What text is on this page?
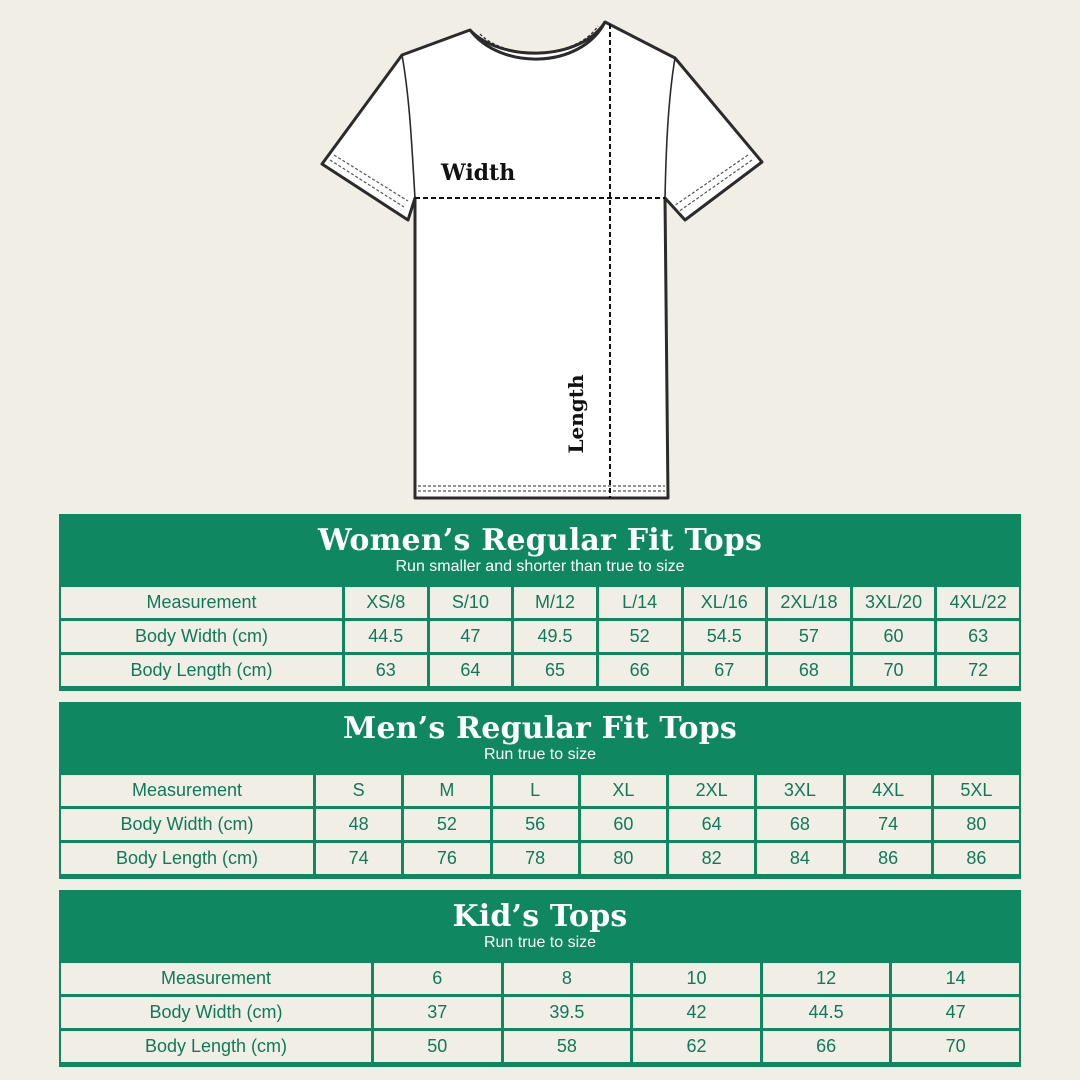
Width
Length
Women’s Regular Fit Tops
Run smaller and shorter than true to size
Measurement	XS/8	S/10	M/12	L/14	XL/16	2XL/18	3XL/20	4XL/22
Body Width (cm)	44.5	47	49.5	52	54.5	57	60	63
Body Length (cm)	63	64	65	66	67	68	70	72
Men’s Regular Fit Tops
Run true to size
Measurement	S	M	L	XL	2XL	3XL	4XL	5XL
Body Width (cm)	48	52	56	60	64	68	74	80
Body Length (cm)	74	76	78	80	82	84	86	86
Kid’s Tops
Run true to size
Measurement	6	8	10	12	14
Body Width (cm)	37	39.5	42	44.5	47
Body Length (cm)	50	58	62	66	70
